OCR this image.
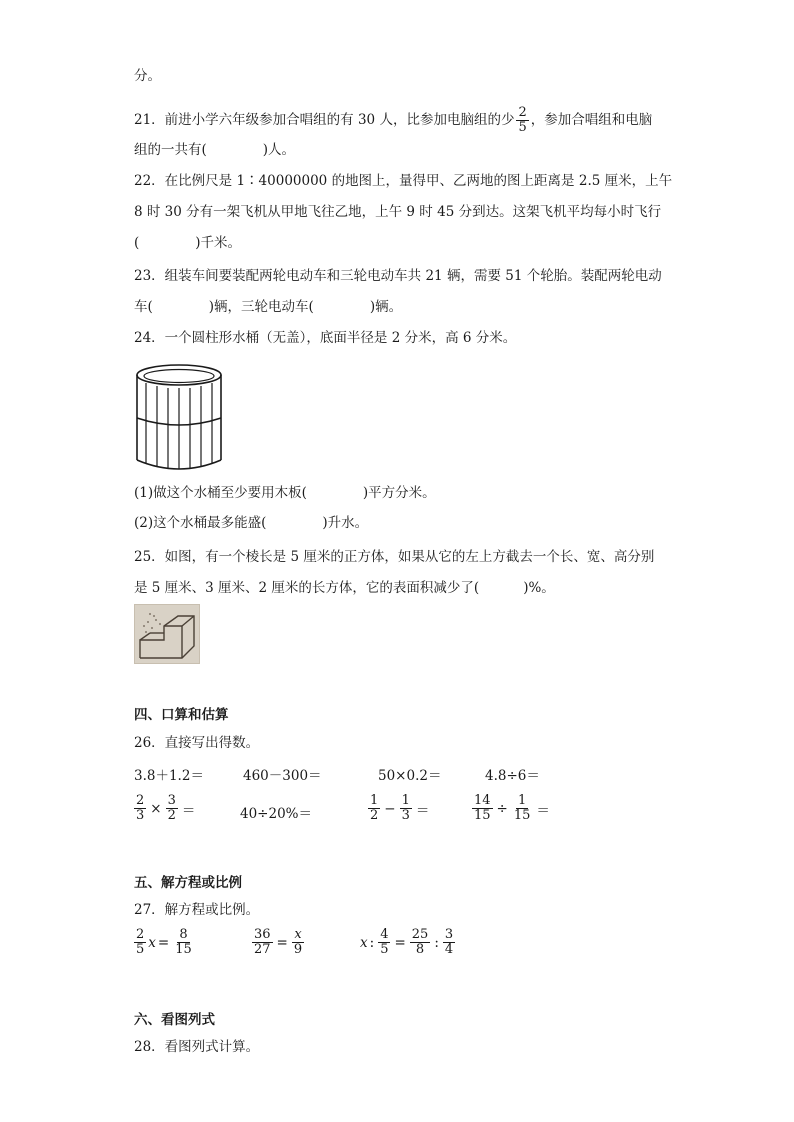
分。
21．前进小学六年级参加合唱组的有 30 人，比参加电脑组的少 $\frac{2}{5}$ ，参加合唱组和电脑
组的一共有(	)人。
22．在比例尺是 1∶40000000 的地图上，量得甲、乙两地的图上距离是 2.5 厘米，上午
8 时 30 分有一架飞机从甲地飞往乙地，上午 9 时 45 分到达。这架飞机平均每小时飞行
(	)千米。
23．组装车间要装配两轮电动车和三轮电动车共 21 辆，需要 51 个轮胎。装配两轮电动
车(	)辆，三轮电动车(	)辆。
24．一个圆柱形水桶（无盖），底面半径是 2 分米，高 6 分米。
(1)做这个水桶至少要用木板(	)平方分米。
(2)这个水桶最多能盛(	)升水。
25．如图，有一个棱长是 5 厘米的正方体，如果从它的左上方截去一个长、宽、高分别
是 5 厘米、3 厘米、2 厘米的长方体，它的表面积减少了(	)%。
四、口算和估算
26．直接写出得数。
3.8＋1.2＝	460－300＝	50×0.2＝	4.8÷6＝
$\frac{2}{3} \times \frac{3}{2}$ ＝	40÷20%＝	$\frac{1}{2} - \frac{1}{3}$ ＝	$\frac{14}{15} \div \frac{1}{15}$ ＝
五、解方程或比例
27．解方程或比例。
$\frac{2}{5}$ $x = \frac{8}{15}$	$\frac{36}{27} = \frac{x}{9}$	x : $\frac{4}{5} = \frac{25}{8}$ : $\frac{3}{4}$
六、看图列式
28．看图列式计算。
